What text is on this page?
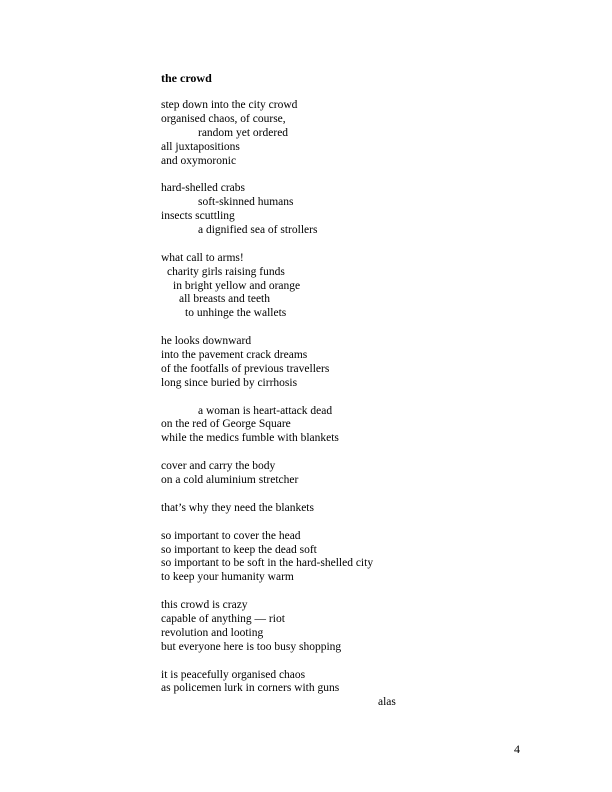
the crowd
step down into the city crowd
organised chaos, of course,
random yet ordered
all juxtapositions
and oxymoronic
hard-shelled crabs
soft-skinned humans
insects scuttling
a dignified sea of strollers
what call to arms!
charity girls raising funds
in bright yellow and orange
all breasts and teeth
to unhinge the wallets
he looks downward
into the pavement crack dreams
of the footfalls of previous travellers
long since buried by cirrhosis
a woman is heart-attack dead
on the red of George Square
while the medics fumble with blankets
cover and carry the body
on a cold aluminium stretcher
that’s why they need the blankets
so important to cover the head
so important to keep the dead soft
so important to be soft in the hard-shelled city
to keep your humanity warm
this crowd is crazy
capable of anything — riot
revolution and looting
but everyone here is too busy shopping
it is peacefully organised chaos
as policemen lurk in corners with guns
alas
4
